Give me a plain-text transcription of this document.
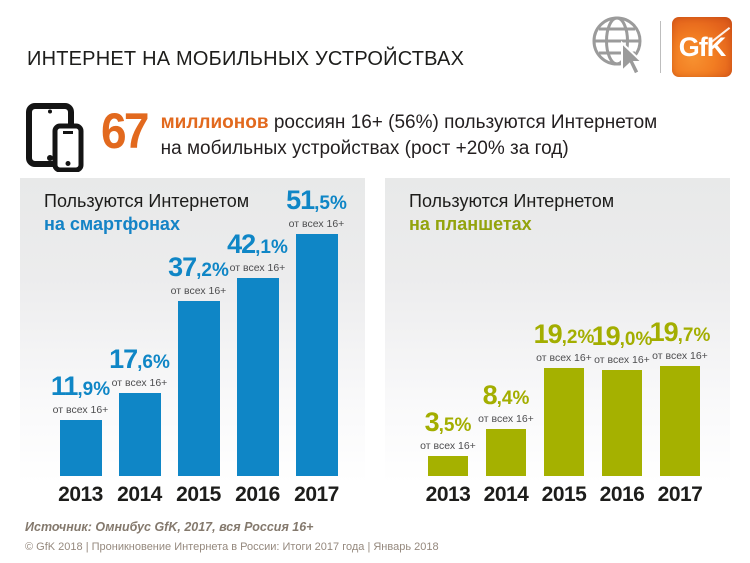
ИНТЕРНЕТ НА МОБИЛЬНЫХ УСТРОЙСТВАХ	GfK
67 миллионов россиян 16+ (56%) пользуются Интернетом
на мобильных устройствах (рост +20% за год)
Пользуются Интернетом
на смартфонах
11,9%
от всех 16+
17,6%
от всех 16+
37,2%
от всех 16+
42,1%
от всех 16+
51,5%
от всех 16+
2013 2014 2015 2016 2017
Пользуются Интернетом
на планшетах
3,5%
от всех 16+
8,4%
от всех 16+
19,2%
от всех 16+
19,0%
от всех 16+
19,7%
от всех 16+
2013 2014 2015 2016 2017
Источник: Омнибус GfK, 2017, вся Россия 16+
© GfK 2018 | Проникновение Интернета в России: Итоги 2017 года | Январь 2018
